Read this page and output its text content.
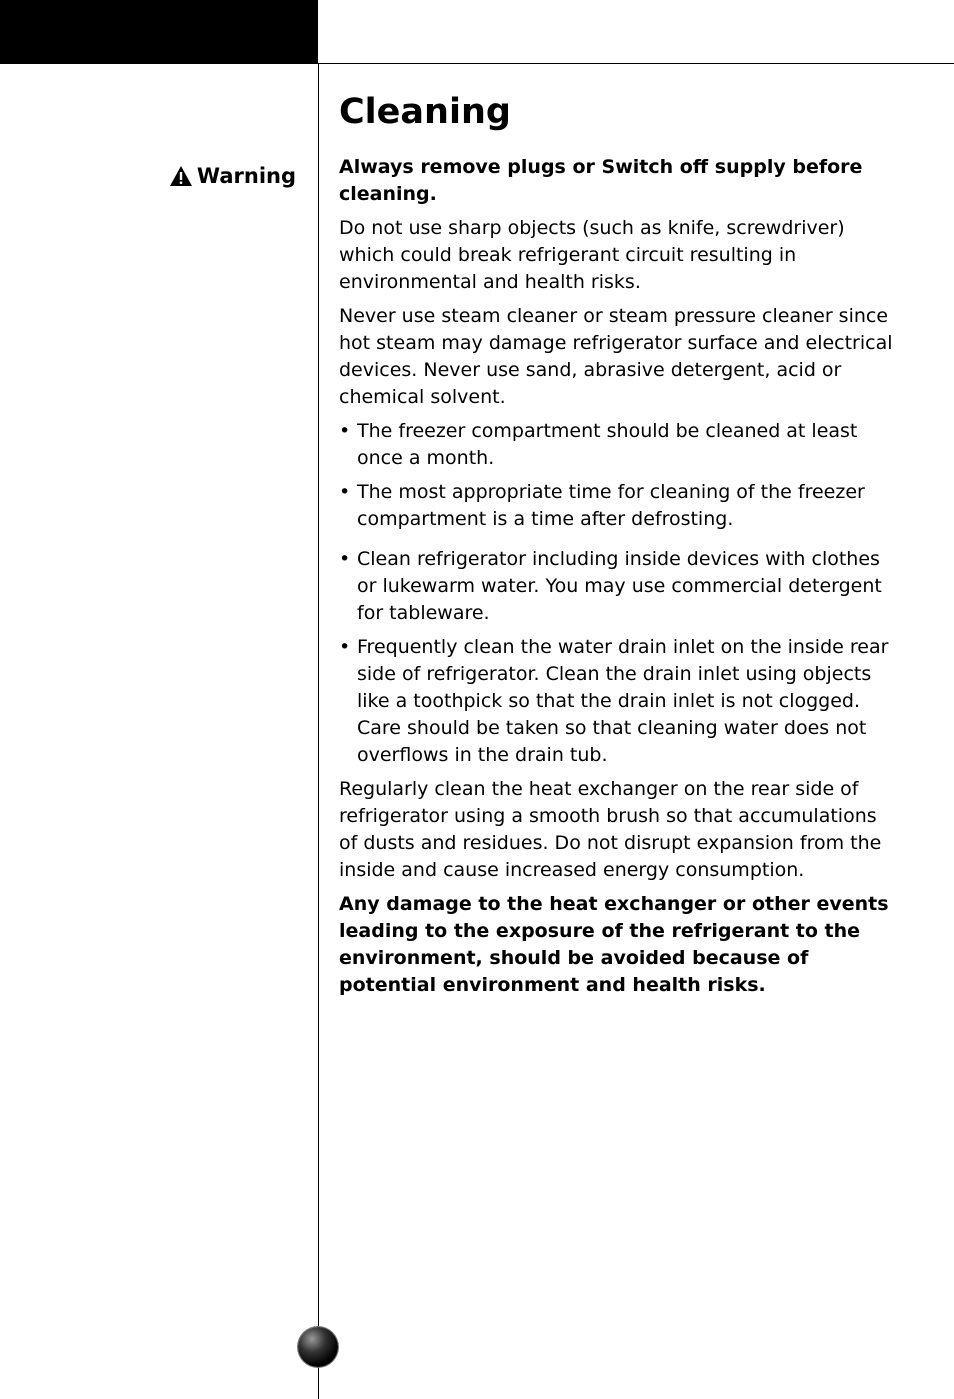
Care and Maintenance
Warning
Cleaning

Always remove plugs or Switch off supply before cleaning.

Do not use sharp objects (such as knife, screwdriver) which could break refrigerant circuit resulting in environmental and health risks.

Never use steam cleaner or steam pressure cleaner since hot steam may damage refrigerator surface and electrical devices. Never use sand, abrasive detergent, acid or chemical solvent.

• The freezer compartment should be cleaned at least once a month.
• The most appropriate time for cleaning of the freezer compartment is a time after defrosting.
• Clean refrigerator including inside devices with clothes or lukewarm water. You may use commercial detergent for tableware.
• Frequently clean the water drain inlet on the inside rear side of refrigerator. Clean the drain inlet using objects like a toothpick so that the drain inlet is not clogged. Care should be taken so that cleaning water does not overflows in the drain tub.

Regularly clean the heat exchanger on the rear side of refrigerator using a smooth brush so that accumulations of dusts and residues. Do not disrupt expansion from the inside and cause increased energy consumption.

Any damage to the heat exchanger or other events leading to the exposure of the refrigerant to the environment, should be avoided because of potential environment and health risks.
